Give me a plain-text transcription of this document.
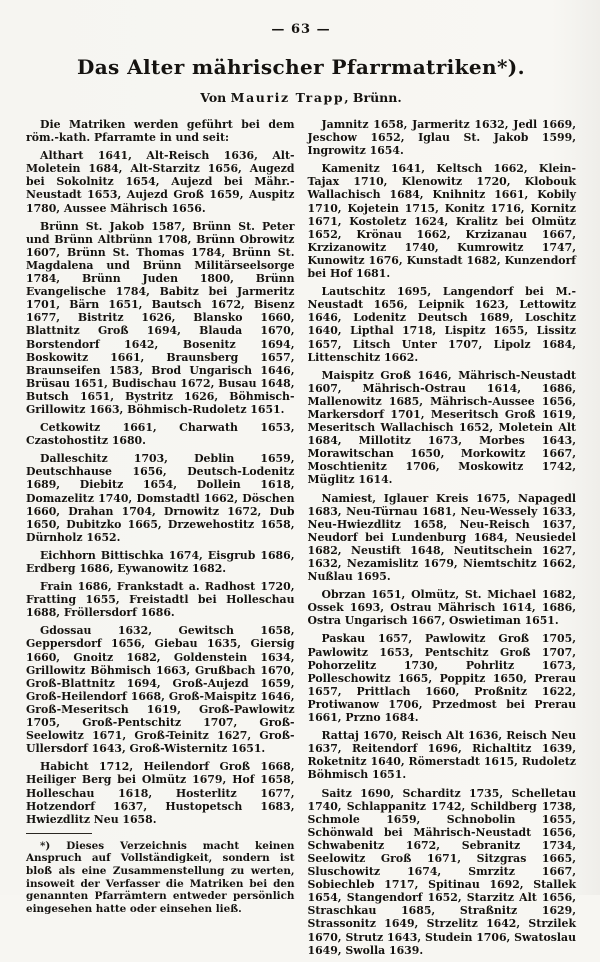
— 63 —
Das Alter mährischer Pfarrmatriken*).
Von Mauriz Trapp, Brünn.

Die Matriken werden geführt bei dem röm.-kath. Pfarramte in und seit:

Althart 1641, Alt-Reisch 1636, Alt-Moletein 1684, Alt-Starzitz 1656, Augezd bei Sokolnitz 1654, Aujezd bei Mähr.-Neustadt 1653, Aujezd Groß 1659, Auspitz 1780, Aussee Mährisch 1656.

Brünn St. Jakob 1587, Brünn St. Peter und Brünn Altbrünn 1708, Brünn Obrowitz 1607, Brünn St. Thomas 1784, Brünn St. Magdalena und Brünn Militärseelsorge 1784, Brünn Juden 1800, Brünn Evangelische 1784, Babitz bei Jarmeritz 1701, Bärn 1651, Bautsch 1672, Bisenz 1677, Bistritz 1626, Blansko 1660, Blattnitz Groß 1694, Blauda 1670, Borstendorf 1642, Bosenitz 1694, Boskowitz 1661, Braunsberg 1657, Braunseifen 1583, Brod Ungarisch 1646, Brüsau 1651, Budischau 1672, Busau 1648, Butsch 1651, Bystritz 1626, Böhmisch-Grillowitz 1663, Böhmisch-Rudoletz 1651.

Cetkowitz 1661, Charwath 1653, Czastohostitz 1680.

Dalleschitz 1703, Deblin 1659, Deutschhause 1656, Deutsch-Lodenitz 1689, Diebitz 1654, Dollein 1618, Domazelitz 1740, Domstadtl 1662, Döschen 1660, Drahan 1704, Drnowitz 1672, Dub 1650, Dubitzko 1665, Drzewehostitz 1658, Dürnholz 1652.

Eichhorn Bittischka 1674, Eisgrub 1686, Erdberg 1686, Eywanowitz 1682.

Frain 1686, Frankstadt a. Radhost 1720, Fratting 1655, Freistadtl bei Holleschau 1688, Fröllersdorf 1686.

Gdossau 1632, Gewitsch 1658, Geppersdorf 1656, Giebau 1635, Giersig 1660, Gnoitz 1682, Goldenstein 1634, Grillowitz Böhmisch 1663, Grußbach 1670, Groß-Blattnitz 1694, Groß-Aujezd 1659, Groß-Heilendorf 1668, Groß-Maispitz 1646, Groß-Meseritsch 1619, Groß-Pawlowitz 1705, Groß-Pentschitz 1707, Groß-Seelowitz 1671, Groß-Teinitz 1627, Groß-Ullersdorf 1643, Groß-Wisternitz 1651.

Habicht 1712, Heilendorf Groß 1668, Heiliger Berg bei Olmütz 1679, Hof 1658, Holleschau 1618, Hosterlitz 1677, Hotzendorf 1637, Hustopetsch 1683, Hwiezdlitz Neu 1658.

*) Dieses Verzeichnis macht keinen Anspruch auf Vollständigkeit, sondern ist bloß als eine Zusammenstellung zu werten, insoweit der Verfasser die Matriken bei den genannten Pfarrämtern entweder persönlich eingesehen hatte oder einsehen ließ.

Jamnitz 1658, Jarmeritz 1632, Jedl 1669, Jeschow 1652, Iglau St. Jakob 1599, Ingrowitz 1654.

Kamenitz 1641, Keltsch 1662, Klein-Tajax 1710, Klenowitz 1720, Klobouk Wallachisch 1684, Knihnitz 1661, Kobily 1710, Kojetein 1715, Konitz 1716, Kornitz 1671, Kostoletz 1624, Kralitz bei Olmütz 1652, Krönau 1662, Krzizanau 1667, Krzizanowitz 1740, Kumrowitz 1747, Kunowitz 1676, Kunstadt 1682, Kunzendorf bei Hof 1681.

Lautschitz 1695, Langendorf bei M.-Neustadt 1656, Leipnik 1623, Lettowitz 1646, Lodenitz Deutsch 1689, Loschitz 1640, Lipthal 1718, Lispitz 1655, Lissitz 1657, Litsch Unter 1707, Lipolz 1684, Littenschitz 1662.

Maispitz Groß 1646, Mährisch-Neustadt 1607, Mährisch-Ostrau 1614, 1686, Mallenowitz 1685, Mährisch-Aussee 1656, Markersdorf 1701, Meseritsch Groß 1619, Meseritsch Wallachisch 1652, Moletein Alt 1684, Millotitz 1673, Morbes 1643, Morawitschan 1650, Morkowitz 1667, Moschtienitz 1706, Moskowitz 1742, Müglitz 1614.

Namiest, Iglauer Kreis 1675, Napagedl 1683, Neu-Türnau 1681, Neu-Wessely 1633, Neu-Hwiezdlitz 1658, Neu-Reisch 1637, Neudorf bei Lundenburg 1684, Neusiedel 1682, Neustift 1648, Neutitschein 1627, 1632, Nezamislitz 1679, Niemtschitz 1662, Nußlau 1695.

Obrzan 1651, Olmütz, St. Michael 1682, Ossek 1693, Ostrau Mährisch 1614, 1686, Ostra Ungarisch 1667, Oswietiman 1651.

Paskau 1657, Pawlowitz Groß 1705, Pawlowitz 1653, Pentschitz Groß 1707, Pohorzelitz 1730, Pohrlitz 1673, Polleschowitz 1665, Poppitz 1650, Prerau 1657, Prittlach 1660, Proßnitz 1622, Protiwanow 1706, Przedmost bei Prerau 1661, Przno 1684.

Rattaj 1670, Reisch Alt 1636, Reisch Neu 1637, Reitendorf 1696, Richaltitz 1639, Roketnitz 1640, Römerstadt 1615, Rudoletz Böhmisch 1651.

Saitz 1690, Scharditz 1735, Schelletau 1740, Schlappanitz 1742, Schildberg 1738, Schmole 1659, Schnobolin 1655, Schönwald bei Mährisch-Neustadt 1656, Schwabenitz 1672, Sebranitz 1734, Seelowitz Groß 1671, Sitzgras 1665, Sluschowitz 1674, Smrzitz 1667, Sobiechleb 1717, Spitinau 1692, Stallek 1654, Stangendorf 1652, Starzitz Alt 1656, Straschkau 1685, Straßnitz 1629, Strassonitz 1649, Strzelitz 1642, Strzilek 1670, Strutz 1643, Studein 1706, Swatoslau 1649, Swolla 1639.
